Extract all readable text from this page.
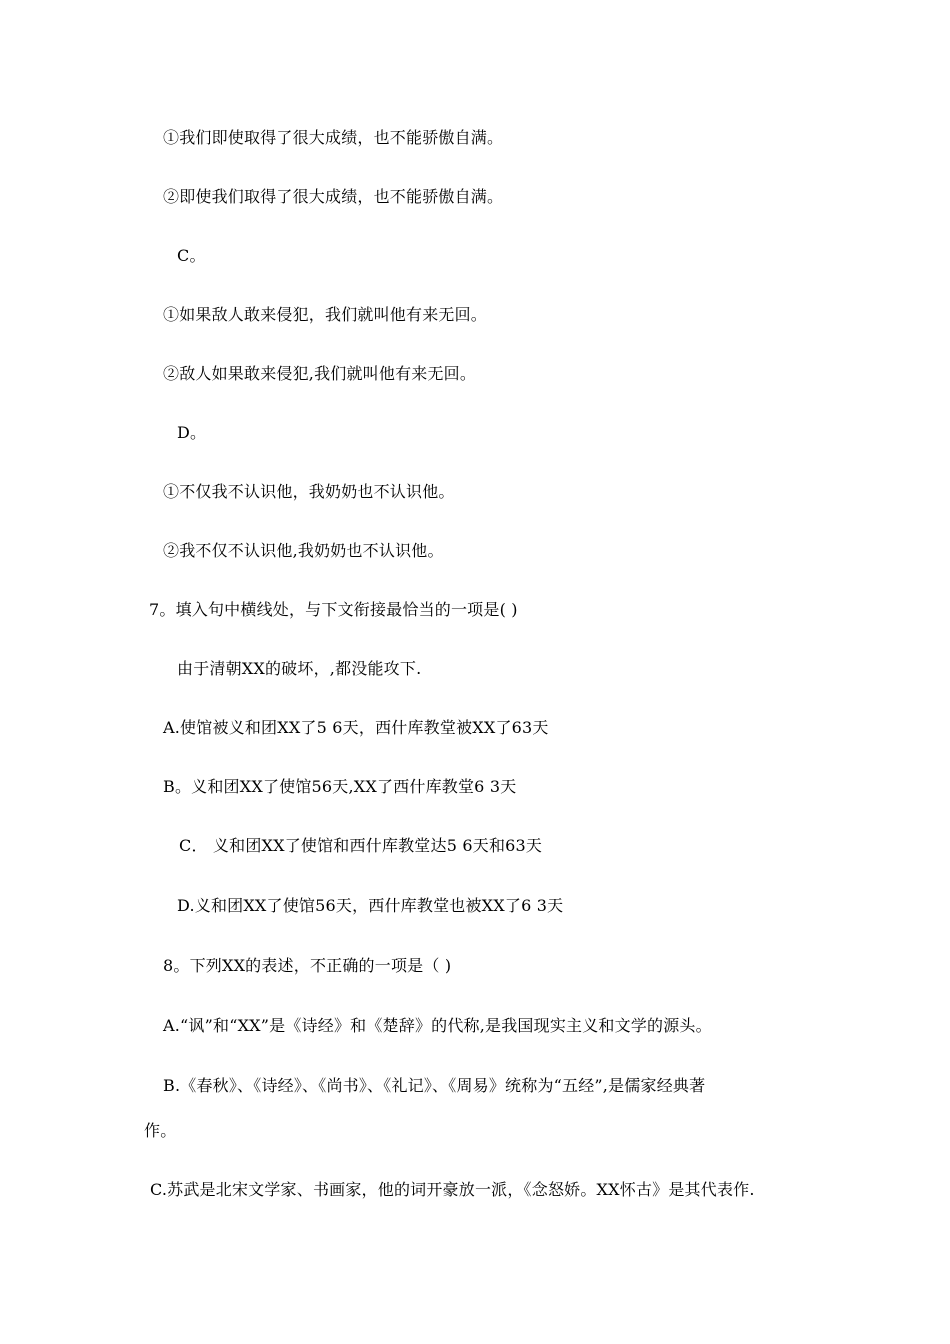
①我们即使取得了很大成绩，也不能骄傲自满。
②即使我们取得了很大成绩，也不能骄傲自满。
C。
①如果敌人敢来侵犯，我们就叫他有来无回。
②敌人如果敢来侵犯,我们就叫他有来无回。
D。
①不仅我不认识他，我奶奶也不认识他。
②我不仅不认识他,我奶奶也不认识他。
7。填入句中横线处，与下文衔接最恰当的一项是( )
由于清朝XX的破坏，,都没能攻下.
A.使馆被义和团XX了5 6天，西什库教堂被XX了63天
B。义和团XX了使馆56天,XX了西什库教堂6 3天
C． 义和团XX了使馆和西什库教堂达5 6天和63天
D.义和团XX了使馆56天，西什库教堂也被XX了6 3天
8。下列XX的表述，不正确的一项是（ )
A.“讽”和“XX”是《诗经》和《楚辞》的代称,是我国现实主义和文学的源头。
B.《春秋》、《诗经》、《尚书》、《礼记》、《周易》统称为“五经”,是儒家经典著
作。
C.苏武是北宋文学家、书画家，他的词开豪放一派，《念怒娇。XX怀古》是其代表作.
